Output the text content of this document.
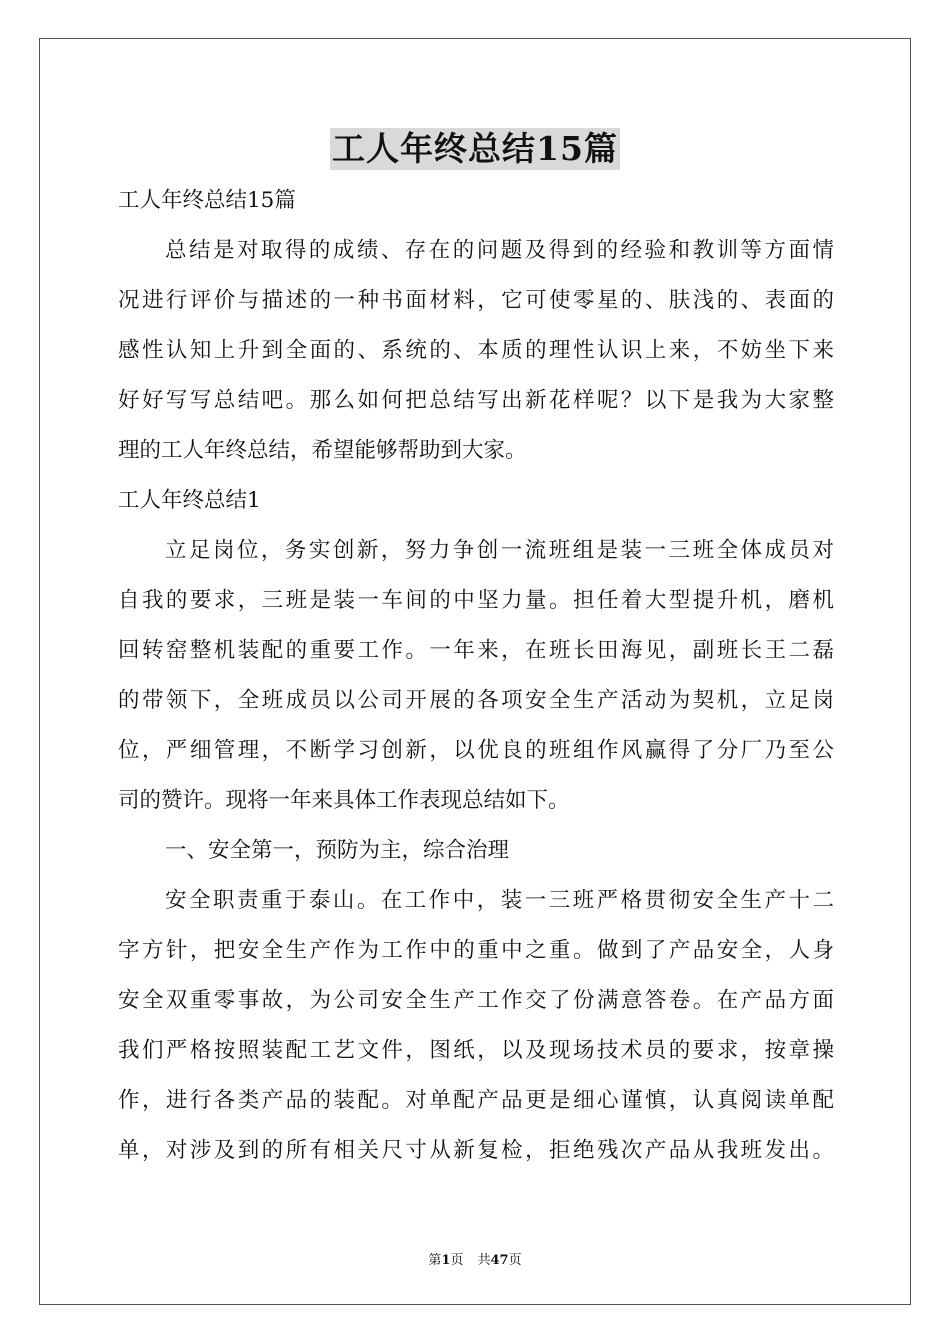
工人年终总结15篇
工人年终总结15篇
总结是对取得的成绩、存在的问题及得到的经验和教训等方面情
况进行评价与描述的一种书面材料，它可使零星的、肤浅的、表面的
感性认知上升到全面的、系统的、本质的理性认识上来，不妨坐下来
好好写写总结吧。那么如何把总结写出新花样呢？以下是我为大家整
理的工人年终总结，希望能够帮助到大家。
工人年终总结1
立足岗位，务实创新，努力争创一流班组是装一三班全体成员对
自我的要求，三班是装一车间的中坚力量。担任着大型提升机，磨机
回转窑整机装配的重要工作。一年来，在班长田海见，副班长王二磊
的带领下，全班成员以公司开展的各项安全生产活动为契机，立足岗
位，严细管理，不断学习创新，以优良的班组作风赢得了分厂乃至公
司的赞许。现将一年来具体工作表现总结如下。
一、安全第一，预防为主，综合治理
安全职责重于泰山。在工作中，装一三班严格贯彻安全生产十二
字方针，把安全生产作为工作中的重中之重。做到了产品安全，人身
安全双重零事故，为公司安全生产工作交了份满意答卷。在产品方面
我们严格按照装配工艺文件，图纸，以及现场技术员的要求，按章操
作，进行各类产品的装配。对单配产品更是细心谨慎，认真阅读单配
单，对涉及到的所有相关尺寸从新复检，拒绝残次产品从我班发出。
第1页 共47页
